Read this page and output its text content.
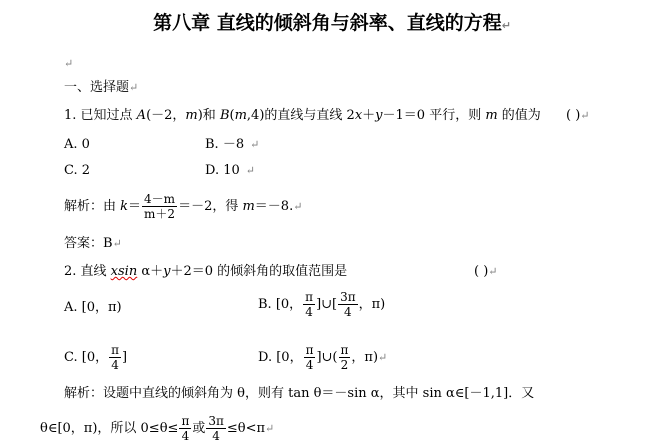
第八章 直线的倾斜角与斜率、直线的方程↵
↵
一、选择题↵
1. 已知过点 A(－2，m)和 B(m,4)的直线与直线 2x＋y－1＝0 平行，则 m 的值为 ( )↵
A. 0	B. －8 ↵
C. 2	D. 10 ↵
解析：由 $k= \frac{4-m}{m+2} =-2$，得 m＝－8.↵
答案：B↵
2. 直线 xsin α＋y＋2＝0 的倾斜角的取值范围是	( )↵
A. [0，π)	B. [0， $\frac{\pi}{4}$ ]∪[ $\frac{3\pi}{4}$ ，π)
C. [0， $\frac{\pi}{4}$ ]	D. [0， $\frac{\pi}{4}$ ]∪( $\frac{\pi}{2}$ ，π)↵
解析：设题中直线的倾斜角为 θ，则有 tan θ＝－sin α，其中 sin α∈[－1,1]．又
θ∈[0，π)，所以 $0\le\theta\le \frac{\pi}{4}$ 或 $\frac{3\pi}{4}$ ≤θ<π↵
